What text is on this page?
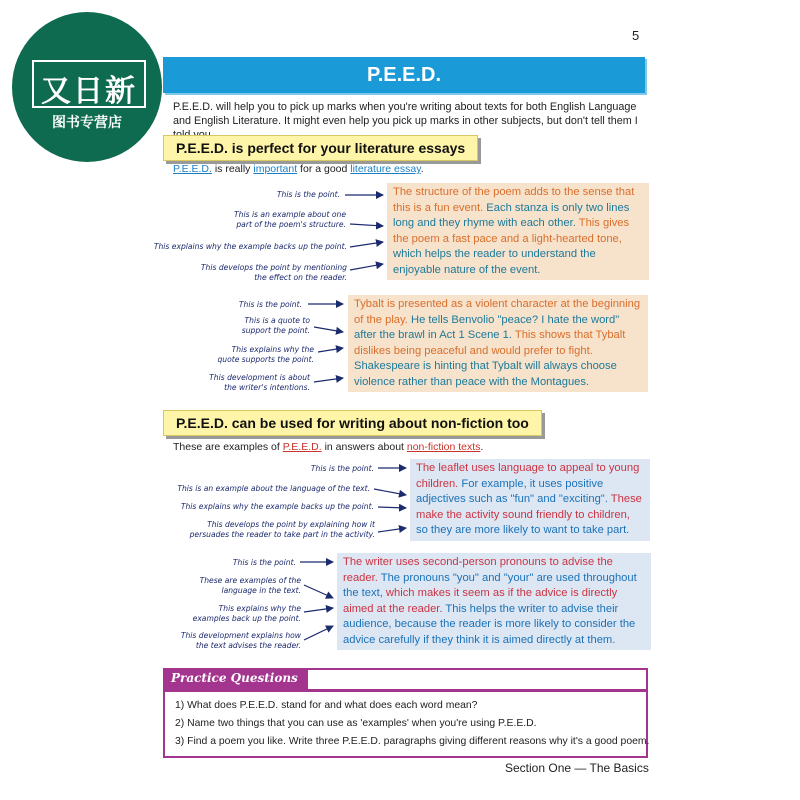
又日新
图书专营店
5
P.E.E.D.
P.E.E.D. will help you to pick up marks when you're writing about texts for both English Language and English Literature. It might even help you pick up marks in other subjects, but don't tell them I
P.E.E.D. is perfect for your literature essays
P.E.E.D. is really important for a good literature essay.
This is the point.
This is an example about one part of the poem's structure.
This explains why the example backs up the point.
This develops the point by mentioning the effect on the reader.
The structure of the poem adds to the sense that this is a fun event. Each stanza is only two lines long and they rhyme with each other. This gives the poem a fast pace and a light-hearted tone, which helps the reader to understand the enjoyable nature of the event.
This is the point.
This is a quote to support the point.
This explains why the quote supports the point.
This development is about the writer's intentions.
Tybalt is presented as a violent character at the beginning of the play. He tells Benvolio "peace? I hate the word" after the brawl in Act 1 Scene 1. This shows that Tybalt dislikes being peaceful and would prefer to fight. Shakespeare is hinting that Tybalt will always choose violence rather than peace with the Montagues.
P.E.E.D. can be used for writing about non-fiction too
These are examples of P.E.E.D. in answers about non-fiction texts.
This is the point.
This is an example about the language of the text.
This explains why the example backs up the point.
This develops the point by explaining how it persuades the reader to take part in the activity.
The leaflet uses language to appeal to young children. For example, it uses positive adjectives such as "fun" and "exciting". These make the activity sound friendly to children, so they are more likely to want to take part.
This is the point.
These are examples of the language in the text.
This explains why the examples back up the point.
This development explains how the text advises the reader.
The writer uses second-person pronouns to advise the reader. The pronouns "you" and "your" are used throughout the text, which makes it seem as if the advice is directly aimed at the reader. This helps the writer to advise their audience, because the reader is more likely to consider the advice carefully if they think it is aimed directly at them.
Practice Questions
1) What does P.E.E.D. stand for and what does each word mean?
2) Name two things that you can use as 'examples' when you're using P.E.E.D.
3) Find a poem you like. Write three P.E.E.D. paragraphs giving different reasons why it's a good poem.
Section One — The Basics
